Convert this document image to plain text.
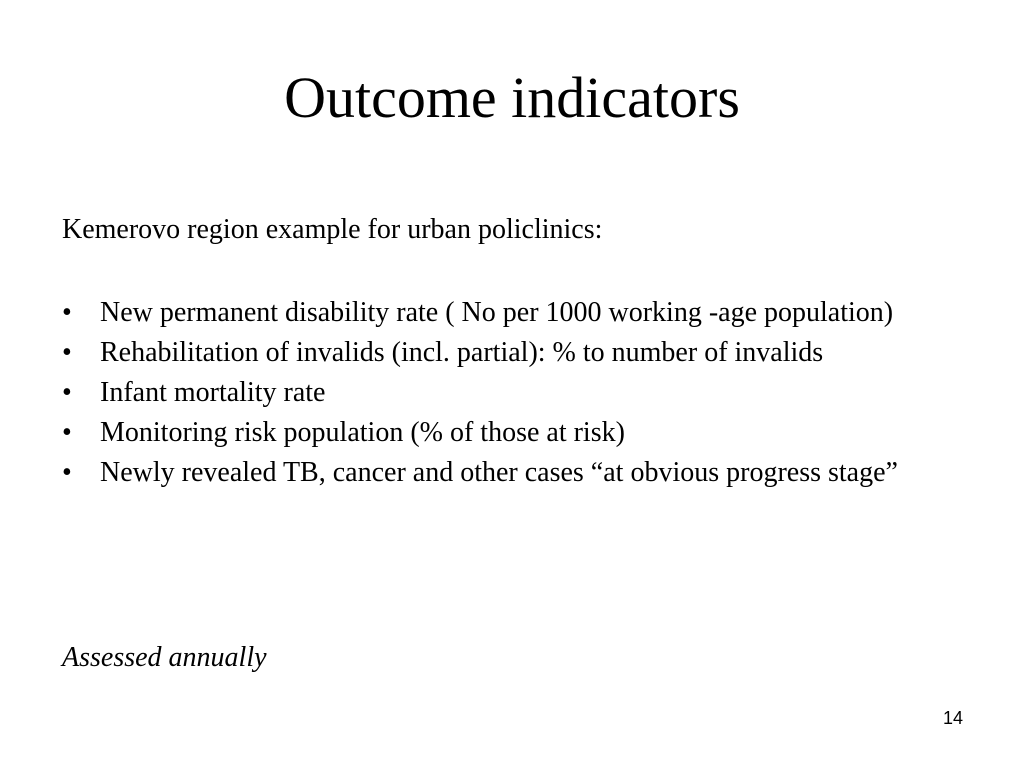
Outcome indicators

Kemerovo region example for urban policlinics:

•	New permanent disability rate ( No per 1000 working -age population)
•	Rehabilitation of invalids (incl. partial): % to number of invalids
•	Infant mortality rate
•	Monitoring risk population (% of those at risk)
•	Newly revealed TB, cancer and other cases “at obvious progress stage”

Assessed annually

14
